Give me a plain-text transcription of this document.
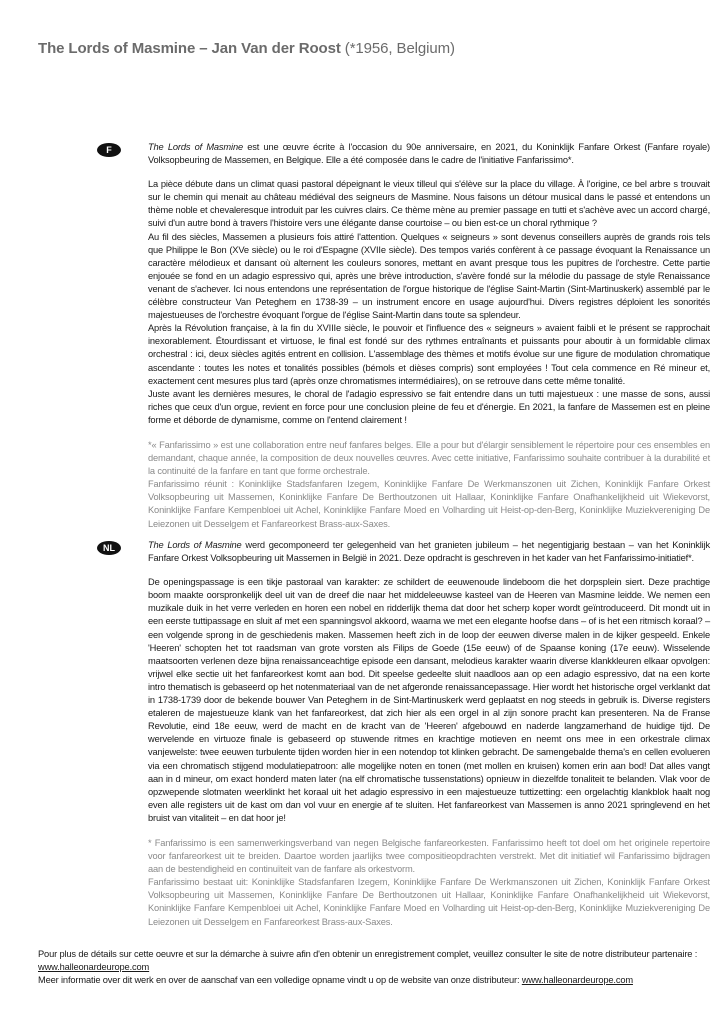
The Lords of Masmine – Jan Van der Roost (*1956, Belgium)
F	The Lords of Masmine est une œuvre écrite à l'occasion du 90e anniversaire, en 2021, du Koninklijk Fanfare Orkest (Fanfare royale) Volksopbeuring de Massemen, en Belgique. Elle a été composée dans le cadre de l'initiative Fanfarissimo*.

La pièce débute dans un climat quasi pastoral dépeignant le vieux tilleul qui s'élève sur la place du village. À l'origine, ce bel arbre s trouvait sur le chemin qui menait au château médiéval des seigneurs de Masmine. Nous faisons un détour musical dans le passé et entendons un thème noble et chevaleresque introduit par les cuivres clairs. Ce thème mène au premier passage en tutti et s'achève avec un accord chargé, suivi d'un autre bond à travers l'histoire vers une élégante danse courtoise – ou bien est-ce un choral rythmique ?

Au fil des siècles, Massemen a plusieurs fois attiré l'attention. Quelques « seigneurs » sont devenus conseillers auprès de grands rois tels que Philippe le Bon (XVe siècle) ou le roi d'Espagne (XVIIe siècle). Des tempos variés confèrent à ce passage évoquant la Renaissance un caractère mélodieux et dansant où alternent les couleurs sonores, mettant en avant presque tous les pupitres de l'orchestre. Cette partie enjouée se fond en un adagio espressivo qui, après une brève introduction, s'avère fondé sur la mélodie du passage de style Renaissance venant de s'achever. Ici nous entendons une représentation de l'orgue historique de l'église Saint-Martin (Sint-Martinuskerk) assemblé par le célèbre constructeur Van Peteghem en 1738-39 – un instrument encore en usage aujourd'hui. Divers registres déploient les sonorités majestueuses de l'orchestre évoquant l'orgue de l'église Saint-Martin dans toute sa splendeur.

Après la Révolution française, à la fin du XVIIIe siècle, le pouvoir et l'influence des « seigneurs » avaient faibli et le présent se rapprochait inexorablement. Étourdissant et virtuose, le final est fondé sur des rythmes entraînants et puissants pour aboutir à un formidable climax orchestral : ici, deux siècles agités entrent en collision. L'assemblage des thèmes et motifs évolue sur une figure de modulation chromatique ascendante : toutes les notes et tonalités possibles (bémols et dièses compris) sont employées ! Tout cela commence en Ré mineur et, exactement cent mesures plus tard (après onze chromatismes intermédiaires), on se retrouve dans cette même tonalité.

Juste avant les dernières mesures, le choral de l'adagio espressivo se fait entendre dans un tutti majestueux : une masse de sons, aussi riches que ceux d'un orgue, revient en force pour une conclusion pleine de feu et d'énergie. En 2021, la fanfare de Massemen est en pleine forme et déborde de dynamisme, comme on l'entend clairement !

*« Fanfarissimo » est une collaboration entre neuf fanfares belges. Elle a pour but d'élargir sensiblement le répertoire pour ces ensembles en demandant, chaque année, la composition de deux nouvelles œuvres. Avec cette initiative, Fanfarissimo souhaite contribuer à la durabilité et la continuité de la fanfare en tant que forme orchestrale.

Fanfarissimo réunit : Koninklijke Stadsfanfaren Izegem, Koninklijke Fanfare De Werkmanszonen uit Zichen, Koninklijk Fanfare Orkest Volksopbeuring uit Massemen, Koninklijke Fanfare De Berthoutzonen uit Hallaar, Koninklijke Fanfare Onafhankelijkheid uit Wiekevorst, Koninklijke Fanfare Kempenbloei uit Achel, Koninklijke Fanfare Moed en Volharding uit Heist-op-den-Berg, Koninklijke Muziekvereniging De Leiezonen uit Desselgem et Fanfareorkest Brass-aux-Saxes.

NL	The Lords of Masmine werd gecomponeerd ter gelegenheid van het granieten jubileum – het negentigjarig bestaan – van het Koninklijk Fanfare Orkest Volksopbeuring uit Massemen in België in 2021. Deze opdracht is geschreven in het kader van het Fanfarissimo-initiatief*.

De openingspassage is een tikje pastoraal van karakter: ze schildert de eeuwenoude lindeboom die het dorpsplein siert. Deze prachtige boom maakte oorspronkelijk deel uit van de dreef die naar het middeleeuwse kasteel van de Heeren van Masmine leidde. We nemen een muzikale duik in het verre verleden en horen een nobel en ridderlijk thema dat door het scherp koper wordt geïntroduceerd. Dit mondt uit in een eerste tuttipassage en sluit af met een spanningsvol akkoord, waarna we met een elegante hoofse dans – of is het een ritmisch koraal? – een volgende sprong in de geschiedenis maken. Massemen heeft zich in de loop der eeuwen diverse malen in de kijker gespeeld. Enkele 'Heeren' schopten het tot raadsman van grote vorsten als Filips de Goede (15e eeuw) of de Spaanse koning (17e eeuw). Wisselende maatsoorten verlenen deze bijna renaissanceachtige episode een dansant, melodieus karakter waarin diverse klankkleuren elkaar opvolgen: vrijwel elke sectie uit het fanfareorkest komt aan bod. Dit speelse gedeelte sluit naadloos aan op een adagio espressivo, dat na een korte intro thematisch is gebaseerd op het notenmateriaal van de net afgeronde renaissancepassage. Hier wordt het historische orgel verklankt dat in 1738-1739 door de bekende bouwer Van Peteghem in de Sint-Martinuskerk werd geplaatst en nog steeds in gebruik is. Diverse registers etaleren de majestueuze klank van het fanfareorkest, dat zich hier als een orgel in al zijn sonore pracht kan presenteren. Na de Franse Revolutie, eind 18e eeuw, werd de macht en de kracht van de 'Heeren' afgebouwd en naderde langzamerhand de huidige tijd. De wervelende en virtuoze finale is gebaseerd op stuwende ritmes en krachtige motieven en neemt ons mee in een orkestrale climax vanjewelste: twee eeuwen turbulente tijden worden hier in een notendop tot klinken gebracht. De samengebalde thema's en cellen evolueren via een chromatisch stijgend modulatiepatroon: alle mogelijke noten en tonen (met mollen en kruisen) komen erin aan bod! Dat alles vangt aan in d mineur, om exact honderd maten later (na elf chromatische tussenstations) opnieuw in diezelfde tonaliteit te belanden. Vlak voor de opzwepende slotmaten weerklinkt het koraal uit het adagio espressivo in een majestueuze tuttizetting: een orgelachtig klankblok haalt nog even alle registers uit de kast om dan vol vuur en energie af te sluiten. Het fanfareorkest van Massemen is anno 2021 springlevend en het bruist van vitaliteit – en dat hoor je!

* Fanfarissimo is een samenwerkingsverband van negen Belgische fanfareorkesten. Fanfarissimo heeft tot doel om het originele repertoire voor fanfareorkest uit te breiden. Daartoe worden jaarlijks twee compositieopdrachten verstrekt. Met dit initiatief wil Fanfarissimo bijdragen aan de bestendigheid en continuïteit van de fanfare als orkestvorm.

Fanfarissimo bestaat uit: Koninklijke Stadsfanfaren Izegem, Koninklijke Fanfare De Werkmanszonen uit Zichen, Koninklijk Fanfare Orkest Volksopbeuring uit Massemen, Koninklijke Fanfare De Berthoutzonen uit Hallaar, Koninklijke Fanfare Onafhankelijkheid uit Wiekevorst, Koninklijke Fanfare Kempenbloei uit Achel, Koninklijke Fanfare Moed en Volharding uit Heist-op-den-Berg, Koninklijke Muziekvereniging De Leiezonen uit Desselgem en Fanfareorkest Brass-aux-Saxes.

Pour plus de détails sur cette oeuvre et sur la démarche à suivre afin d'en obtenir un enregistrement complet, veuillez consulter le site de notre distributeur partenaire : www.halleonardeurope.com
Meer informatie over dit werk en over de aanschaf van een volledige opname vindt u op de website van onze distributeur: www.halleonardeurope.com
